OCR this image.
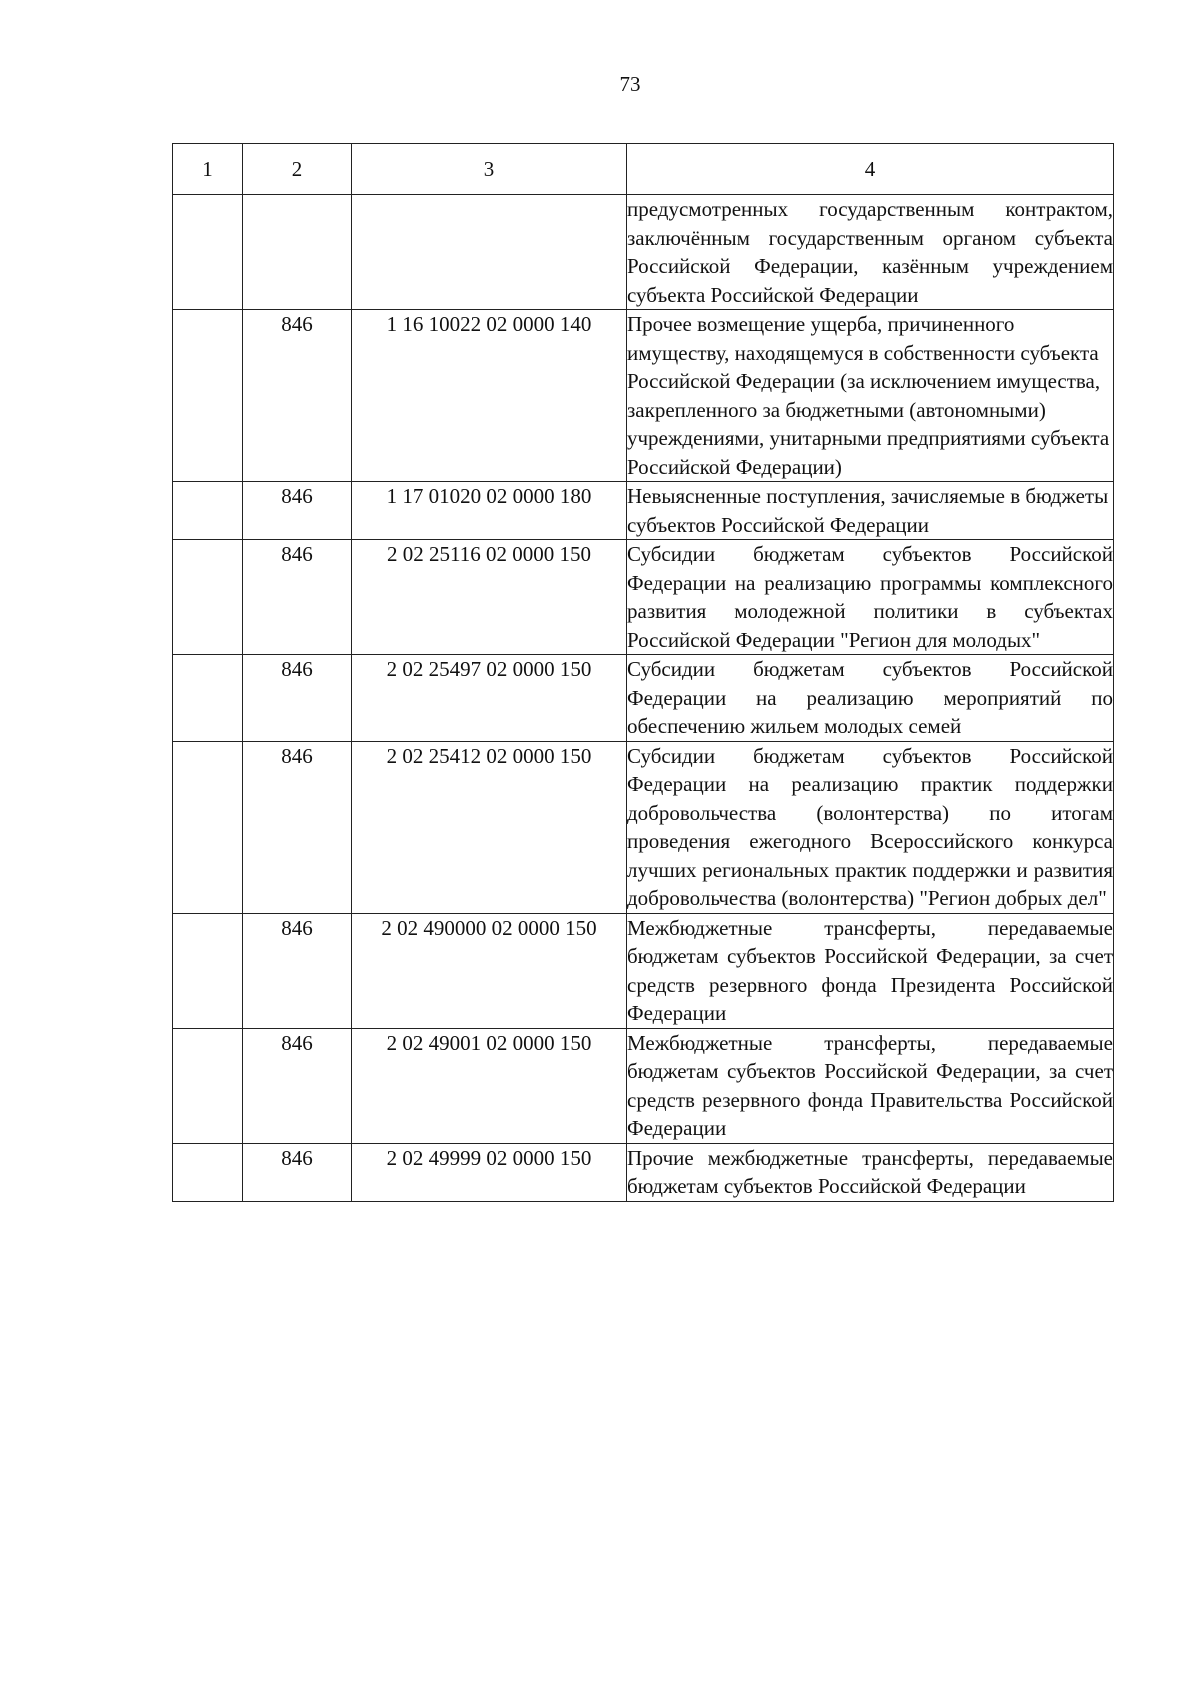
73
1	2	3	4
			предусмотренных государственным контрактом, заключённым государственным органом субъекта Российской Федерации, казённым учреждением субъекта Российской Федерации
	846	1 16 10022 02 0000 140	Прочее возмещение ущерба, причиненного имуществу, находящемуся в собственности субъекта Российской Федерации (за исключением имущества, закрепленного за бюджетными (автономными) учреждениями, унитарными предприятиями субъекта Российской Федерации)
	846	1 17 01020 02 0000 180	Невыясненные поступления, зачисляемые в бюджеты субъектов Российской Федерации
	846	2 02 25116 02 0000 150	Субсидии бюджетам субъектов Российской Федерации на реализацию программы комплексного развития молодежной политики в субъектах Российской Федерации "Регион для молодых"
	846	2 02 25497 02 0000 150	Субсидии бюджетам субъектов Российской Федерации на реализацию мероприятий по обеспечению жильем молодых семей
	846	2 02 25412 02 0000 150	Субсидии бюджетам субъектов Российской Федерации на реализацию практик поддержки добровольчества (волонтерства) по итогам проведения ежегодного Всероссийского конкурса лучших региональных практик поддержки и развития добровольчества (волонтерства) "Регион добрых дел"
	846	2 02 490000 02 0000 150	Межбюджетные трансферты, передаваемые бюджетам субъектов Российской Федерации, за счет средств резервного фонда Президента Российской Федерации
	846	2 02 49001 02 0000 150	Межбюджетные трансферты, передаваемые бюджетам субъектов Российской Федерации, за счет средств резервного фонда Правительства Российской Федерации
	846	2 02 49999 02 0000 150	Прочие межбюджетные трансферты, передаваемые бюджетам субъектов Российской Федерации
